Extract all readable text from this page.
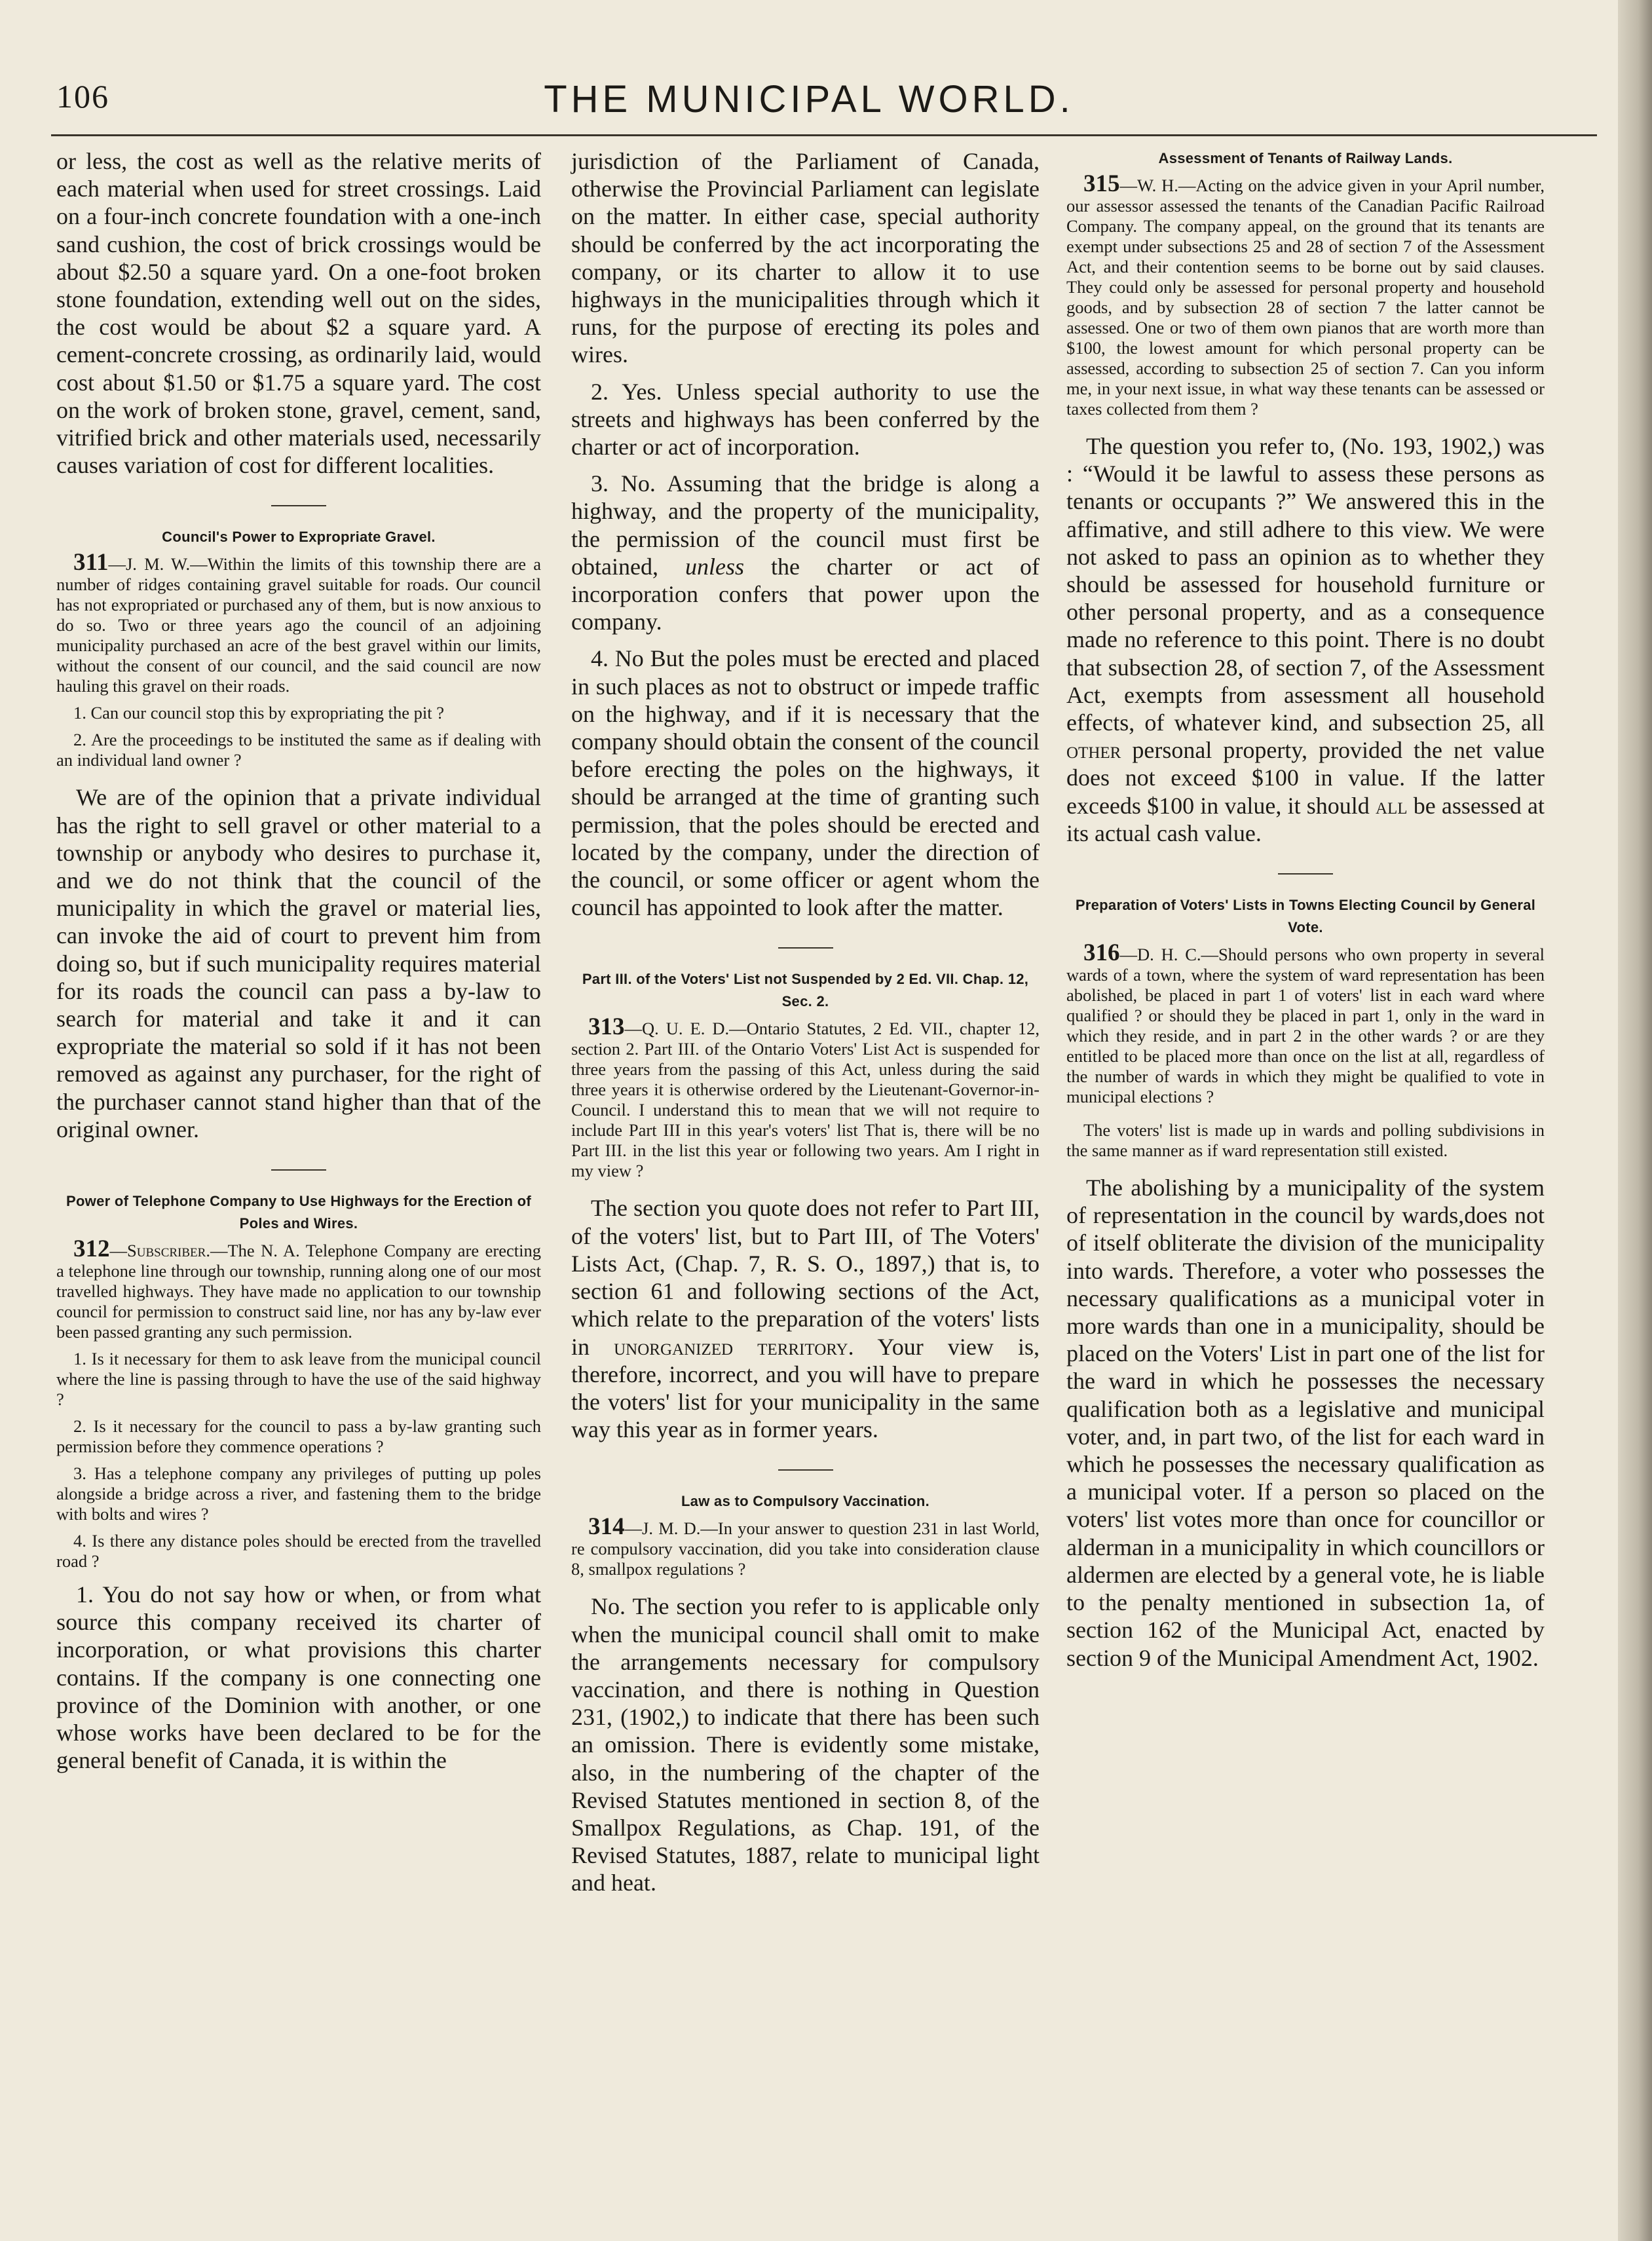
106	THE MUNICIPAL WORLD.

or less, the cost as well as the relative merits of each material when used for street crossings. Laid on a four-inch concrete foundation with a one-inch sand cushion, the cost of brick crossings would be about $2.50 a square yard. On a one-foot broken stone foundation, extending well out on the sides, the cost would be about $2 a square yard. A cement-concrete crossing, as ordinarily laid, would cost about $1.50 or $1.75 a square yard. The cost on the work of broken stone, gravel, cement, sand, vitrified brick and other materials used, necessarily causes variation of cost for different localities.

Council's Power to Expropriate Gravel.

311—J. M. W.—Within the limits of this township there are a number of ridges containing gravel suitable for roads. Our council has not expropriated or purchased any of them, but is now anxious to do so. Two or three years ago the council of an adjoining municipality purchased an acre of the best gravel within our limits, without the consent of our council, and the said council are now hauling this gravel on their roads.

1. Can our council stop this by expropriating the pit ?

2. Are the proceedings to be instituted the same as if dealing with an individual land owner ?

We are of the opinion that a private individual has the right to sell gravel or other material to a township or anybody who desires to purchase it, and we do not think that the council of the municipality in which the gravel or material lies, can invoke the aid of court to prevent him from doing so, but if such municipality requires material for its roads the council can pass a by-law to search for material and take it and it can expropriate the material so sold if it has not been removed as against any purchaser, for the right of the purchaser cannot stand higher than that of the original owner.

Power of Telephone Company to Use Highways for the Erection of Poles and Wires.

312—Subscriber.—The N. A. Telephone Company are erecting a telephone line through our township, running along one of our most travelled highways. They have made no application to our township council for permission to construct said line, nor has any by-law ever been passed granting any such permission.

1. Is it necessary for them to ask leave from the municipal council where the line is passing through to have the use of the said highway ?

2. Is it necessary for the council to pass a by-law granting such permission before they commence operations ?

3. Has a telephone company any privileges of putting up poles alongside a bridge across a river, and fastening them to the bridge with bolts and wires ?

4. Is there any distance poles should be erected from the travelled road ?

1. You do not say how or when, or from what source this company received its charter of incorporation, or what provisions this charter contains. If the company is one connecting one province of the Dominion with another, or one whose works have been declared to be for the general benefit of Canada, it is within the

jurisdiction of the Parliament of Canada, otherwise the Provincial Parliament can legislate on the matter. In either case, special authority should be conferred by the act incorporating the company, or its charter to allow it to use highways in the municipalities through which it runs, for the purpose of erecting its poles and wires.

2. Yes. Unless special authority to use the streets and highways has been conferred by the charter or act of incorporation.

3. No. Assuming that the bridge is along a highway, and the property of the municipality, the permission of the council must first be obtained, unless the charter or act of incorporation confers that power upon the company.

4. No But the poles must be erected and placed in such places as not to obstruct or impede traffic on the highway, and if it is necessary that the company should obtain the consent of the council before erecting the poles on the highways, it should be arranged at the time of granting such permission, that the poles should be erected and located by the company, under the direction of the council, or some officer or agent whom the council has appointed to look after the matter.

Part III. of the Voters' List not Suspended by 2 Ed. VII. Chap. 12, Sec. 2.

313—Q. U. E. D.—Ontario Statutes, 2 Ed. VII., chapter 12, section 2. Part III. of the Ontario Voters' List Act is suspended for three years from the passing of this Act, unless during the said three years it is otherwise ordered by the Lieutenant-Governor-in-Council. I understand this to mean that we will not require to include Part III in this year's voters' list That is, there will be no Part III. in the list this year or following two years. Am I right in my view ?

The section you quote does not refer to Part III, of the voters' list, but to Part III, of The Voters' Lists Act, (Chap. 7, R. S. O., 1897,) that is, to section 61 and following sections of the Act, which relate to the preparation of the voters' lists in unorganized territory. Your view is, therefore, incorrect, and you will have to prepare the voters' list for your municipality in the same way this year as in former years.

Law as to Compulsory Vaccination.

314—J. M. D.—In your answer to question 231 in last World, re compulsory vaccination, did you take into consideration clause 8, smallpox regulations ?

No. The section you refer to is applicable only when the municipal council shall omit to make the arrangements necessary for compulsory vaccination, and there is nothing in Question 231, (1902,) to indicate that there has been such an omission. There is evidently some mistake, also, in the numbering of the chapter of the Revised Statutes mentioned in section 8, of the Smallpox Regulations, as Chap. 191, of the Revised Statutes, 1887, relate to municipal light and heat.

Assessment of Tenants of Railway Lands.

315—W. H.—Acting on the advice given in your April number, our assessor assessed the tenants of the Canadian Pacific Railroad Company. The company appeal, on the ground that its tenants are exempt under subsections 25 and 28 of section 7 of the Assessment Act, and their contention seems to be borne out by said clauses. They could only be assessed for personal property and household goods, and by subsection 28 of section 7 the latter cannot be assessed. One or two of them own pianos that are worth more than $100, the lowest amount for which personal property can be assessed, according to subsection 25 of section 7. Can you inform me, in your next issue, in what way these tenants can be assessed or taxes collected from them ?

The question you refer to, (No. 193, 1902,) was : “Would it be lawful to assess these persons as tenants or occupants ?” We answered this in the affimative, and still adhere to this view. We were not asked to pass an opinion as to whether they should be assessed for household furniture or other personal property, and as a consequence made no reference to this point. There is no doubt that subsection 28, of section 7, of the Assessment Act, exempts from assessment all household effects, of whatever kind, and subsection 25, all other personal property, provided the net value does not exceed $100 in value. If the latter exceeds $100 in value, it should all be assessed at its actual cash value.

Preparation of Voters' Lists in Towns Electing Council by General Vote.

316—D. H. C.—Should persons who own property in several wards of a town, where the system of ward representation has been abolished, be placed in part 1 of voters' list in each ward where qualified ? or should they be placed in part 1, only in the ward in which they reside, and in part 2 in the other wards ? or are they entitled to be placed more than once on the list at all, regardless of the number of wards in which they might be qualified to vote in municipal elections ?

The voters' list is made up in wards and polling subdivisions in the same manner as if ward representation still existed.

The abolishing by a municipality of the system of representation in the council by wards,does not of itself obliterate the division of the municipality into wards. Therefore, a voter who possesses the necessary qualifications as a municipal voter in more wards than one in a municipality, should be placed on the Voters' List in part one of the list for the ward in which he possesses the necessary qualification both as a legislative and municipal voter, and, in part two, of the list for each ward in which he possesses the necessary qualification as a municipal voter. If a person so placed on the voters' list votes more than once for councillor or alderman in a municipality in which councillors or aldermen are elected by a general vote, he is liable to the penalty mentioned in subsection 1a, of section 162 of the Municipal Act, enacted by section 9 of the Municipal Amendment Act, 1902.
